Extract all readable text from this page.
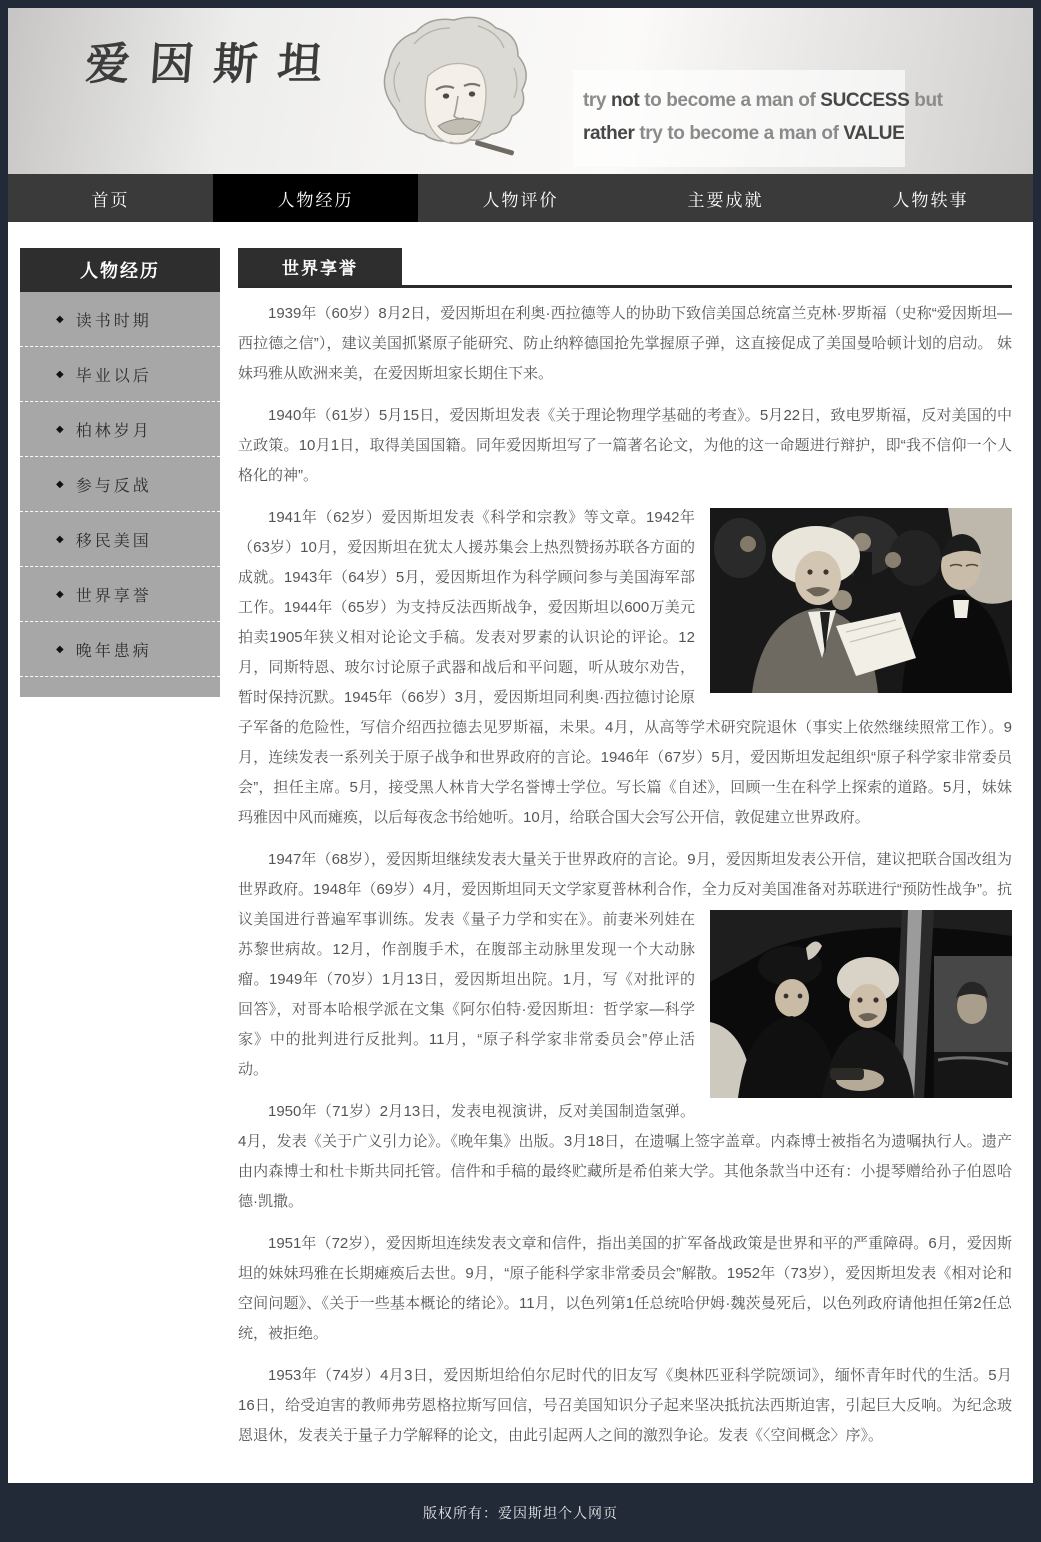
爱因斯坦
try not to become a man of SUCCESS but
rather try to become a man of VALUE
首页	人物经历	人物评价	主要成就	人物轶事
人物经历
◆ 读书时期
◆ 毕业以后
◆ 柏林岁月
◆ 参与反战
◆ 移民美国
◆ 世界享誉
◆ 晚年患病
世界享誉

1939年（60岁）8月2日，爱因斯坦在利奥·西拉德等人的协助下致信美国总统富兰克林·罗斯福（史称“爱因斯坦—西拉德之信”），建议美国抓紧原子能研究、防止纳粹德国抢先掌握原子弹，这直接促成了美国曼哈顿计划的启动。 妹妹玛雅从欧洲来美，在爱因斯坦家长期住下来。

1940年（61岁）5月15日，爱因斯坦发表《关于理论物理学基础的考查》。5月22日，致电罗斯福，反对美国的中立政策。10月1日，取得美国国籍。同年爱因斯坦写了一篇著名论文，为他的这一命题进行辩护，即“我不信仰一个人格化的神”。

1941年（62岁）爱因斯坦发表《科学和宗教》等文章。1942年（63岁）10月，爱因斯坦在犹太人援苏集会上热烈赞扬苏联各方面的成就。1943年（64岁）5月，爱因斯坦作为科学顾问参与美国海军部工作。1944年（65岁）为支持反法西斯战争，爱因斯坦以600万美元拍卖1905年狭义相对论论文手稿。发表对罗素的认识论的评论。12月，同斯特恩、玻尔讨论原子武器和战后和平问题，听从玻尔劝告，暂时保持沉默。1945年（66岁）3月，爱因斯坦同利奥·西拉德讨论原子军备的危险性，写信介绍西拉德去见罗斯福，未果。4月，从高等学术研究院退休（事实上依然继续照常工作）。9月，连续发表一系列关于原子战争和世界政府的言论。1946年（67岁）5月，爱因斯坦发起组织“原子科学家非常委员会”，担任主席。5月，接受黑人林肯大学名誉博士学位。写长篇《自述》，回顾一生在科学上探索的道路。5月，妹妹玛雅因中风而瘫痪，以后每夜念书给她听。10月，给联合国大会写公开信，敦促建立世界政府。

1947年（68岁），爱因斯坦继续发表大量关于世界政府的言论。9月，爱因斯坦发表公开信，建议把联合国改组为世界政府。1948年（69岁）4月，爱因斯坦同天文学家夏普林利合作，全力反对美国准备对苏联进行“预防性战争”。抗议美国进行
普遍军事训练。发表《量子力学和实在》。前妻米列娃在苏黎世病故。12月，作剖腹手术，在腹部主动脉里发现一个大动脉瘤。1949年（70岁）1月13日，爱因斯坦出院。1月，写《对批评的回答》，对哥本哈根学派在文集《阿尔伯特·爱因斯坦：哲学家—科学家》中的批判进行反批判。11月，“原子科学家非常委员会”停止活动。

1950年（71岁）2月13日，发表电视演讲，反对美国制造氢弹。4月，发表《关于广义引力论》。《晚年集》出版。3月18日，在遗嘱上签字盖章。内森博士被指名为遗嘱执行人。遗产由内森博士和杜卡斯共同托管。信件和手稿的最终贮藏所是希伯莱大学。其他条款当中还有：小提琴赠给孙子伯恩哈德·凯撒。

1951年（72岁），爱因斯坦连续发表文章和信件，指出美国的扩军备战政策是世界和平的严重障碍。6月，爱因斯坦的妹妹玛雅在长期瘫痪后去世。9月，“原子能科学家非常委员会”解散。1952年（73岁），爱因斯坦发表《相对论和空间问题》、《关于一些基本概论的绪论》。11月，以色列第1任总统哈伊姆·魏茨曼死后，以色列政府请他担任第2任总统，被拒绝。

1953年（74岁）4月3日，爱因斯坦给伯尔尼时代的旧友写《奥林匹亚科学院颂词》，缅怀青年时代的生活。5月16日，给受迫害的教师弗劳恩格拉斯写回信，号召美国知识分子起来坚决抵抗法西斯迫害，引起巨大反响。为纪念玻恩退休，发表关于量子力学解释的论文，由此引起两人之间的激烈争论。发表《〈空间概念〉序》。

版权所有：爱因斯坦个人网页
